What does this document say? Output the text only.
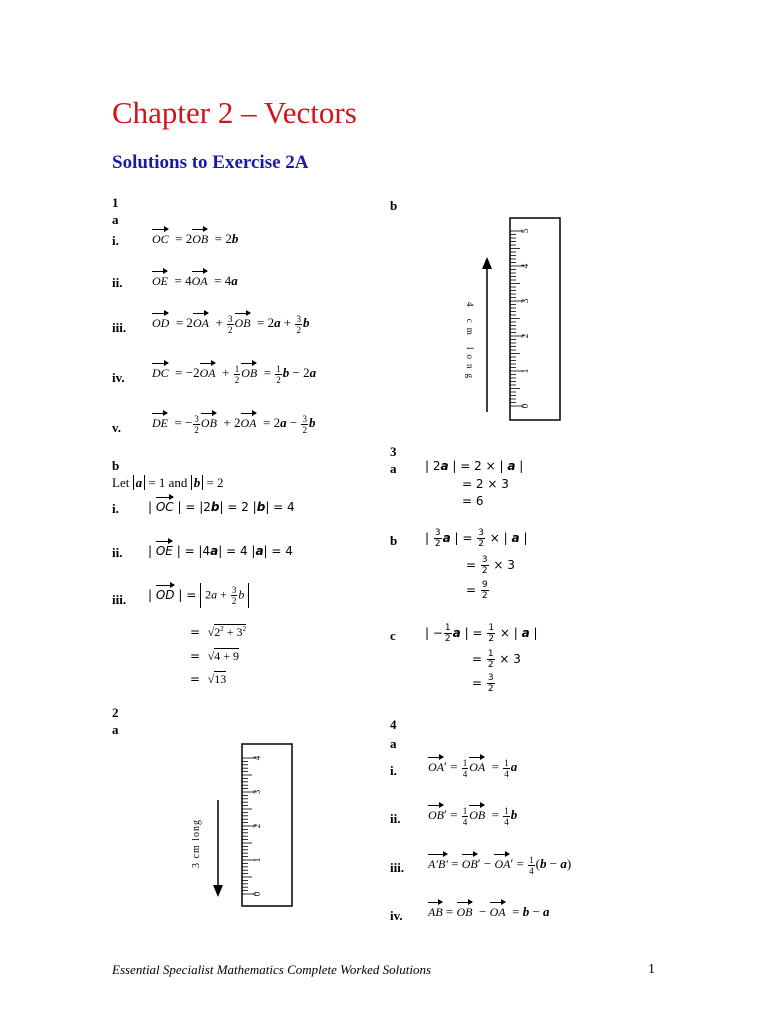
Chapter 2 – Vectors
Solutions to Exercise 2A
1
a
i.	OC  = 2OB  = 2b
ii. OE  = 4OA  = 4a
iii. OD  = $2OA + \frac{3}{2}$ OB  = $2a + \frac{3}{2}$ b
iv. DC  = $-2OA + \frac{1}{2}$ OB  = $\frac{1}{2}$ b − 2a
v.	DE  = − $\frac{3}{2}$ OB  + $2OA = 2a - \frac{3}{2}$ b
b
Let a = 1 and b = 2
i. | OC | = |2b| = 2 |b| = 4
ii. | OE | = |4a| = 4 |a| = 4
iii. | OD | = $2a + \frac{3}{2}$ b
=  $√2^2 + 3^2$
=  √4 + 9
=  √13
b
0
1
2
3
4
5
4 cm long
2
a
0
1
2
3
4
3 cm long
3
a | 2a | = 2 × | a |
= 2 × 3
= 6
b | $\frac{3}{2}$ a | = $\frac{3}{2}$ × | a |
= $\frac{3}{2} \times 3$
= $\frac{9}{2}$
c | − $\frac{1}{2}$ a | = $\frac{1}{2}$ × | a |
= $\frac{1}{2} \times 3$
= $\frac{3}{2}$
4
a
i.	$OA' = \frac{1}{4}$ OA  = $\frac{1}{4}$ a
ii. $OB' = \frac{1}{4}$ OB  = $\frac{1}{4}$ b
iii. $A'B' = OB' - OA' = \frac{1}{4} (b - a)$
iv. AB = OB  − OA  = b − a
Essential Specialist Mathematics Complete Worked Solutions	1
